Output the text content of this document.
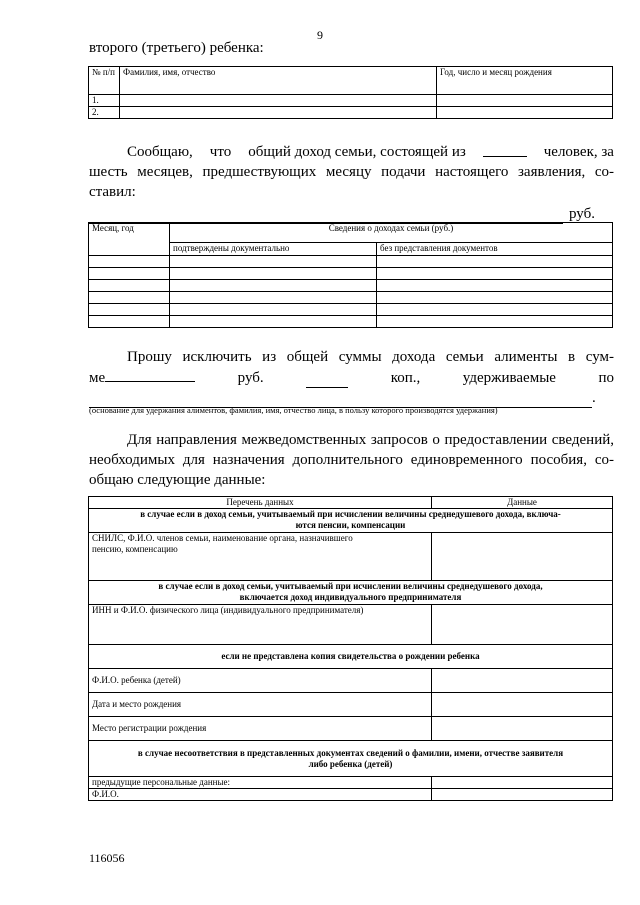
9
второго (третьего) ребенка:
№ п/п	Фамилия, имя, отчество	Год, число и месяц рождения
1.		
2.		
Сообщаю, что общий доход семьи, состоящей из	человек, за
шесть месяцев, предшествующих месяцу подачи настоящего заявления, со-
ставил:
руб.
Месяц, год	Сведения о доходах семьи (руб.)	
	подтверждены документально	без представления документов

Прошу исключить из общей суммы дохода семьи алименты в сум-
ме	руб.	коп.,	удерживаемые	по
.
(основание для удержания алиментов, фамилия, имя, отчество лица, в пользу которого производятся удержания)
Для направления межведомственных запросов о предоставлении сведений,
необходимых для назначения дополнительного единовременного пособия, со-
общаю следующие данные:
Перечень данных	Данные

в случае если в доход семьи, учитываемый при исчислении величины среднедушевого дохода, включа-
ются пенсии, компенсации	

СНИЛС, Ф.И.О. членов семьи, наименование органа, назначившего
пенсию, компенсацию	

в случае если в доход семьи, учитываемый при исчислении величины среднедушевого дохода,
включается доход индивидуального предпринимателя	

ИНН и Ф.И.О. физического лица (индивидуального предпринимателя)	
если не представлена копия свидетельства о рождении ребенка	
Ф.И.О. ребенка (детей)	
Дата и место рождения	
Место регистрации рождения	

в случае несоответствия в представленных документах сведений о фамилии, имени, отчестве заявителя
либо ребенка (детей)	

предыдущие персональные данные:	
Ф.И.О.	
116056
